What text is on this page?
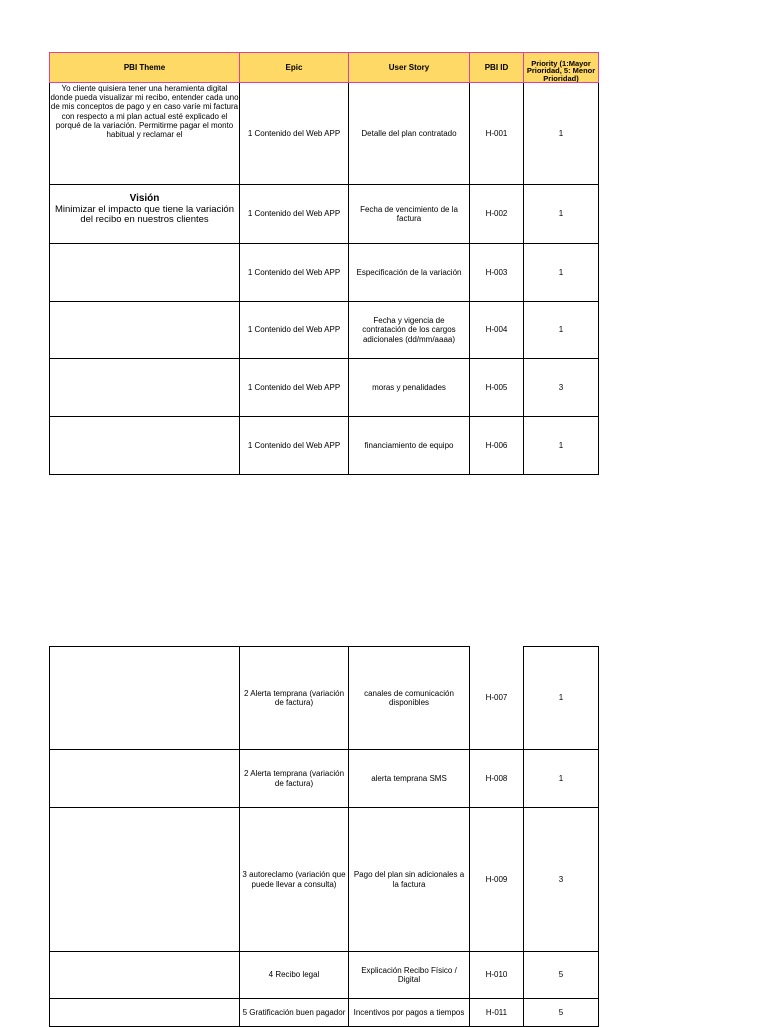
PBI Theme	Epic	User Story	PBI ID	Priority (1:Mayor Prioridad, 5: Menor Prioridad)

Yo cliente quisiera tener una heramienta digital donde pueda visualizar mi recibo, entender cada uno de mis conceptos de pago y en caso varíe mi factura con respecto a mi plan actual esté explicado el porqué de la variación. Permitirme pagar el monto habitual y reclamar el	1 Contenido del Web APP	Detalle del plan contratado	H-001	1

Visión
Minimizar el impacto que tiene la variación del recibo en nuestros clientes	1 Contenido del Web APP	Fecha de vencimiento de la factura	H-002	1
	1 Contenido del Web APP	Especificación de la variación	H-003	1
	1 Contenido del Web APP	Fecha y vigencia de contratación de los cargos adicionales (dd/mm/aaaa)	H-004	1
	1 Contenido del Web APP	moras y penalidades	H-005	3
	1 Contenido del Web APP	financiamiento de equipo	H-006	1
	2 Alerta temprana (variación de factura)	canales de comunicación disponibles	H-007	1
	2 Alerta temprana (variación de factura)	alerta temprana SMS	H-008	1
	3 autoreclamo (variación que puede llevar a consulta)	Pago del plan sin adicionales a la factura	H-009	3
	4 Recibo legal	Explicación Recibo Físico / Digital	H-010	5
	5 Gratificación buen pagador	Incentivos por pagos a tiempos	H-011	5
